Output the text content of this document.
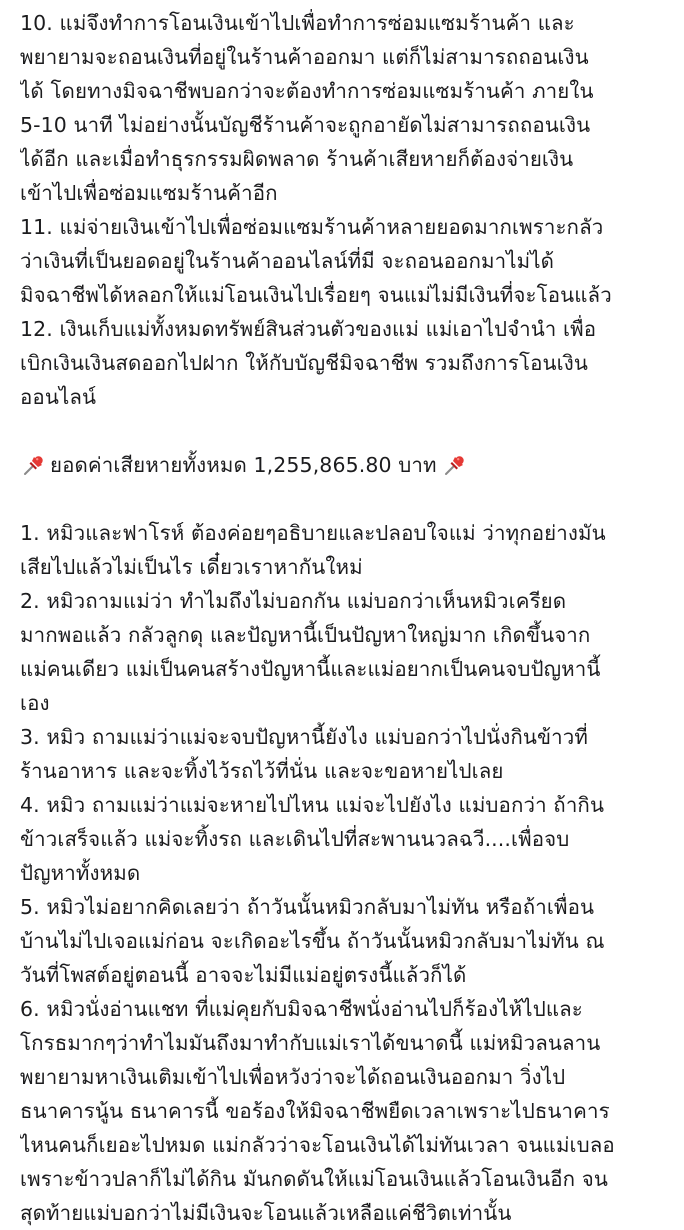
10. แม่จึงทำการโอนเงินเข้าไปเพื่อทำการซ่อมแซมร้านค้า และ
พยายามจะถอนเงินที่อยู่ในร้านค้าออกมา แต่ก็ไม่สามารถถอนเงิน
ได้ โดยทางมิจฉาชีพบอกว่าจะต้องทำการซ่อมแซมร้านค้า ภายใน
5-10 นาที ไม่อย่างนั้นบัญชีร้านค้าจะถูกอายัดไม่สามารถถอนเงิน
ได้อีก และเมื่อทำธุรกรรมผิดพลาด ร้านค้าเสียหายก็ต้องจ่ายเงิน
เข้าไปเพื่อซ่อมแซมร้านค้าอีก
11. แม่จ่ายเงินเข้าไปเพื่อซ่อมแซมร้านค้าหลายยอดมากเพราะกลัว
ว่าเงินที่เป็นยอดอยู่ในร้านค้าออนไลน์ที่มี จะถอนออกมาไม่ได้
มิจฉาชีพได้หลอกให้แม่โอนเงินไปเรื่อยๆ จนแม่ไม่มีเงินที่จะโอนแล้ว
12. เงินเก็บแม่ทั้งหมดทรัพย์สินส่วนตัวของแม่ แม่เอาไปจำนำ เพื่อ
เบิกเงินเงินสดออกไปฝาก ให้กับบัญชีมิจฉาชีพ รวมถึงการโอนเงิน
ออนไลน์
ยอดค่าเสียหายทั้งหมด 1,255,865.80 บาท
1. หมิวและฟาโรห์ ต้องค่อยๆอธิบายและปลอบใจแม่ ว่าทุกอย่างมัน
เสียไปแล้วไม่เป็นไร เดี๋ยวเราหากันใหม่
2. หมิวถามแม่ว่า ทำไมถึงไม่บอกกัน แม่บอกว่าเห็นหมิวเครียด
มากพอแล้ว กลัวลูกดุ และปัญหานี้เป็นปัญหาใหญ่มาก เกิดขึ้นจาก
แม่คนเดียว แม่เป็นคนสร้างปัญหานี้และแม่อยากเป็นคนจบปัญหานี้
เอง
3. หมิว ถามแม่ว่าแม่จะจบปัญหานี้ยังไง แม่บอกว่าไปนั่งกินข้าวที่
ร้านอาหาร และจะทิ้งไว้รถไว้ที่นั่น และจะขอหายไปเลย
4. หมิว ถามแม่ว่าแม่จะหายไปไหน แม่จะไปยังไง แม่บอกว่า ถ้ากิน
ข้าวเสร็จแล้ว แม่จะทิ้งรถ และเดินไปที่สะพานนวลฉวี....เพื่อจบ
ปัญหาทั้งหมด
5. หมิวไม่อยากคิดเลยว่า ถ้าวันนั้นหมิวกลับมาไม่ทัน หรือถ้าเพื่อน
บ้านไม่ไปเจอแม่ก่อน จะเกิดอะไรขึ้น ถ้าวันนั้นหมิวกลับมาไม่ทัน ณ
วันที่โพสต์อยู่ตอนนี้ อาจจะไม่มีแม่อยู่ตรงนี้แล้วก็ได้
6. หมิวนั่งอ่านแชท ที่แม่คุยกับมิจฉาชีพนั่งอ่านไปก็ร้องไห้ไปและ
โกรธมากๆว่าทำไมมันถึงมาทำกับแม่เราได้ขนาดนี้ แม่หมิวลนลาน
พยายามหาเงินเติมเข้าไปเพื่อหวังว่าจะได้ถอนเงินออกมา วิ่งไป
ธนาคารนู้น ธนาคารนี้ ขอร้องให้มิจฉาชีพยืดเวลาเพราะไปธนาคาร
ไหนคนก็เยอะไปหมด แม่กลัวว่าจะโอนเงินได้ไม่ทันเวลา จนแม่เบลอ
เพราะข้าวปลาก็ไม่ได้กิน มันกดดันให้แม่โอนเงินแล้วโอนเงินอีก จน
สุดท้ายแม่บอกว่าไม่มีเงินจะโอนแล้วเหลือแค่ชีวิตเท่านั้น
